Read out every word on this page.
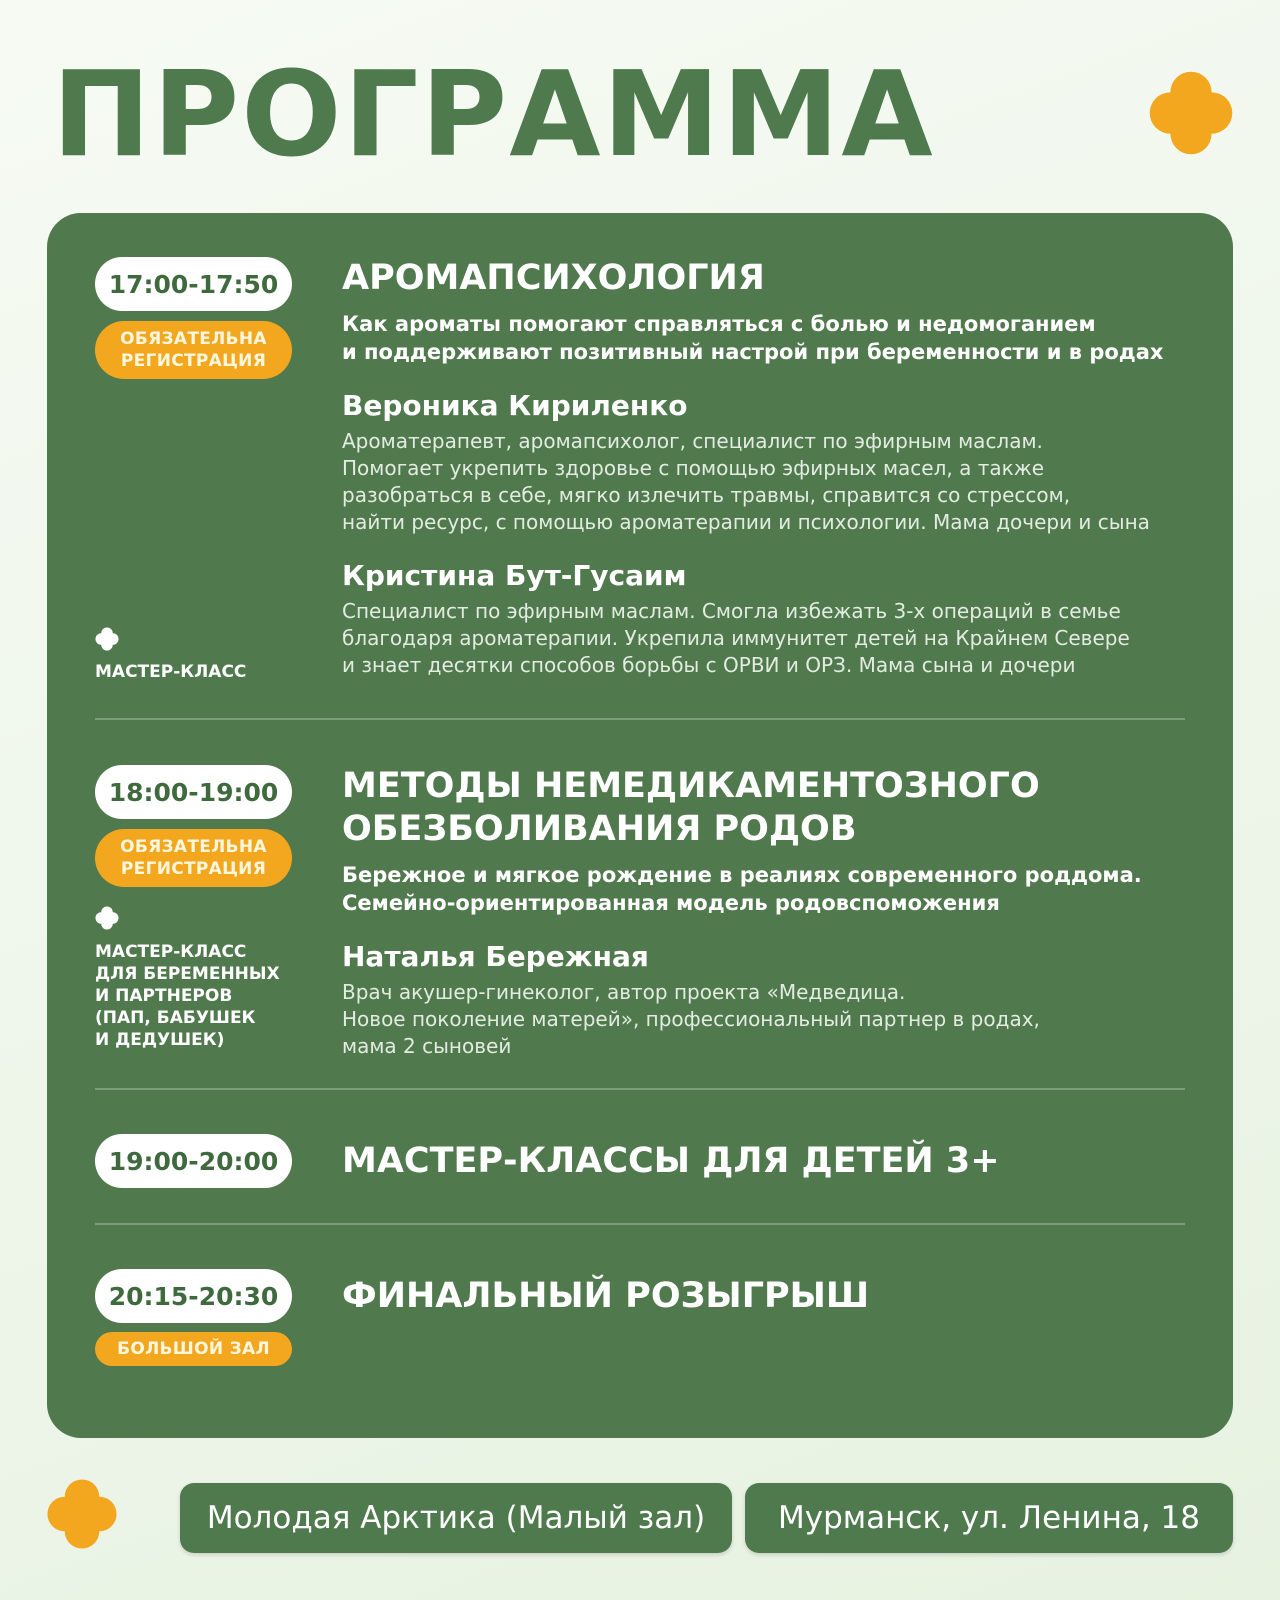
ПРОГРАММА
17:00-17:50
ОБЯЗАТЕЛЬНА
РЕГИСТРАЦИЯ
МАСТЕР-КЛАСС

АРОМАПСИХОЛОГИЯ

Как ароматы помогают справляться с болью и недомоганием
и поддерживают позитивный настрой при беременности и в родах

Вероника Кириленко

Ароматерапевт, аромапсихолог, специалист по эфирным маслам.
Помогает укрепить здоровье с помощью эфирных масел, а также
разобраться в себе, мягко излечить травмы, справится со стрессом,
найти ресурс, с помощью ароматерапии и психологии. Мама дочери и сына

Кристина Бут-Гусаим

Специалист по эфирным маслам. Смогла избежать 3-х операций в семье
благодаря ароматерапии. Укрепила иммунитет детей на Крайнем Севере
и знает десятки способов борьбы с ОРВИ и ОРЗ. Мама сына и дочери

18:00-19:00
ОБЯЗАТЕЛЬНА
РЕГИСТРАЦИЯ
МАСТЕР-КЛАСС
ДЛЯ БЕРЕМЕННЫХ
И ПАРТНЕРОВ
(ПАП, БАБУШЕК
И ДЕДУШЕК)

МЕТОДЫ НЕМЕДИКАМЕНТОЗНОГО
ОБЕЗБОЛИВАНИЯ РОДОВ

Бережное и мягкое рождение в реалиях современного роддома.
Семейно-ориентированная модель родовспоможения

Наталья Бережная

Врач акушер-гинеколог, автор проекта «Медведица.
Новое поколение матерей», профессиональный партнер в родах,
мама 2 сыновей

19:00-20:00	МАСТЕР-КЛАССЫ ДЛЯ ДЕТЕЙ 3+

20:15-20:30
БОЛЬШОЙ ЗАЛ

ФИНАЛЬНЫЙ РОЗЫГРЫШ

Молодая Арктика (Малый зал)	Мурманск, ул. Ленина, 18
